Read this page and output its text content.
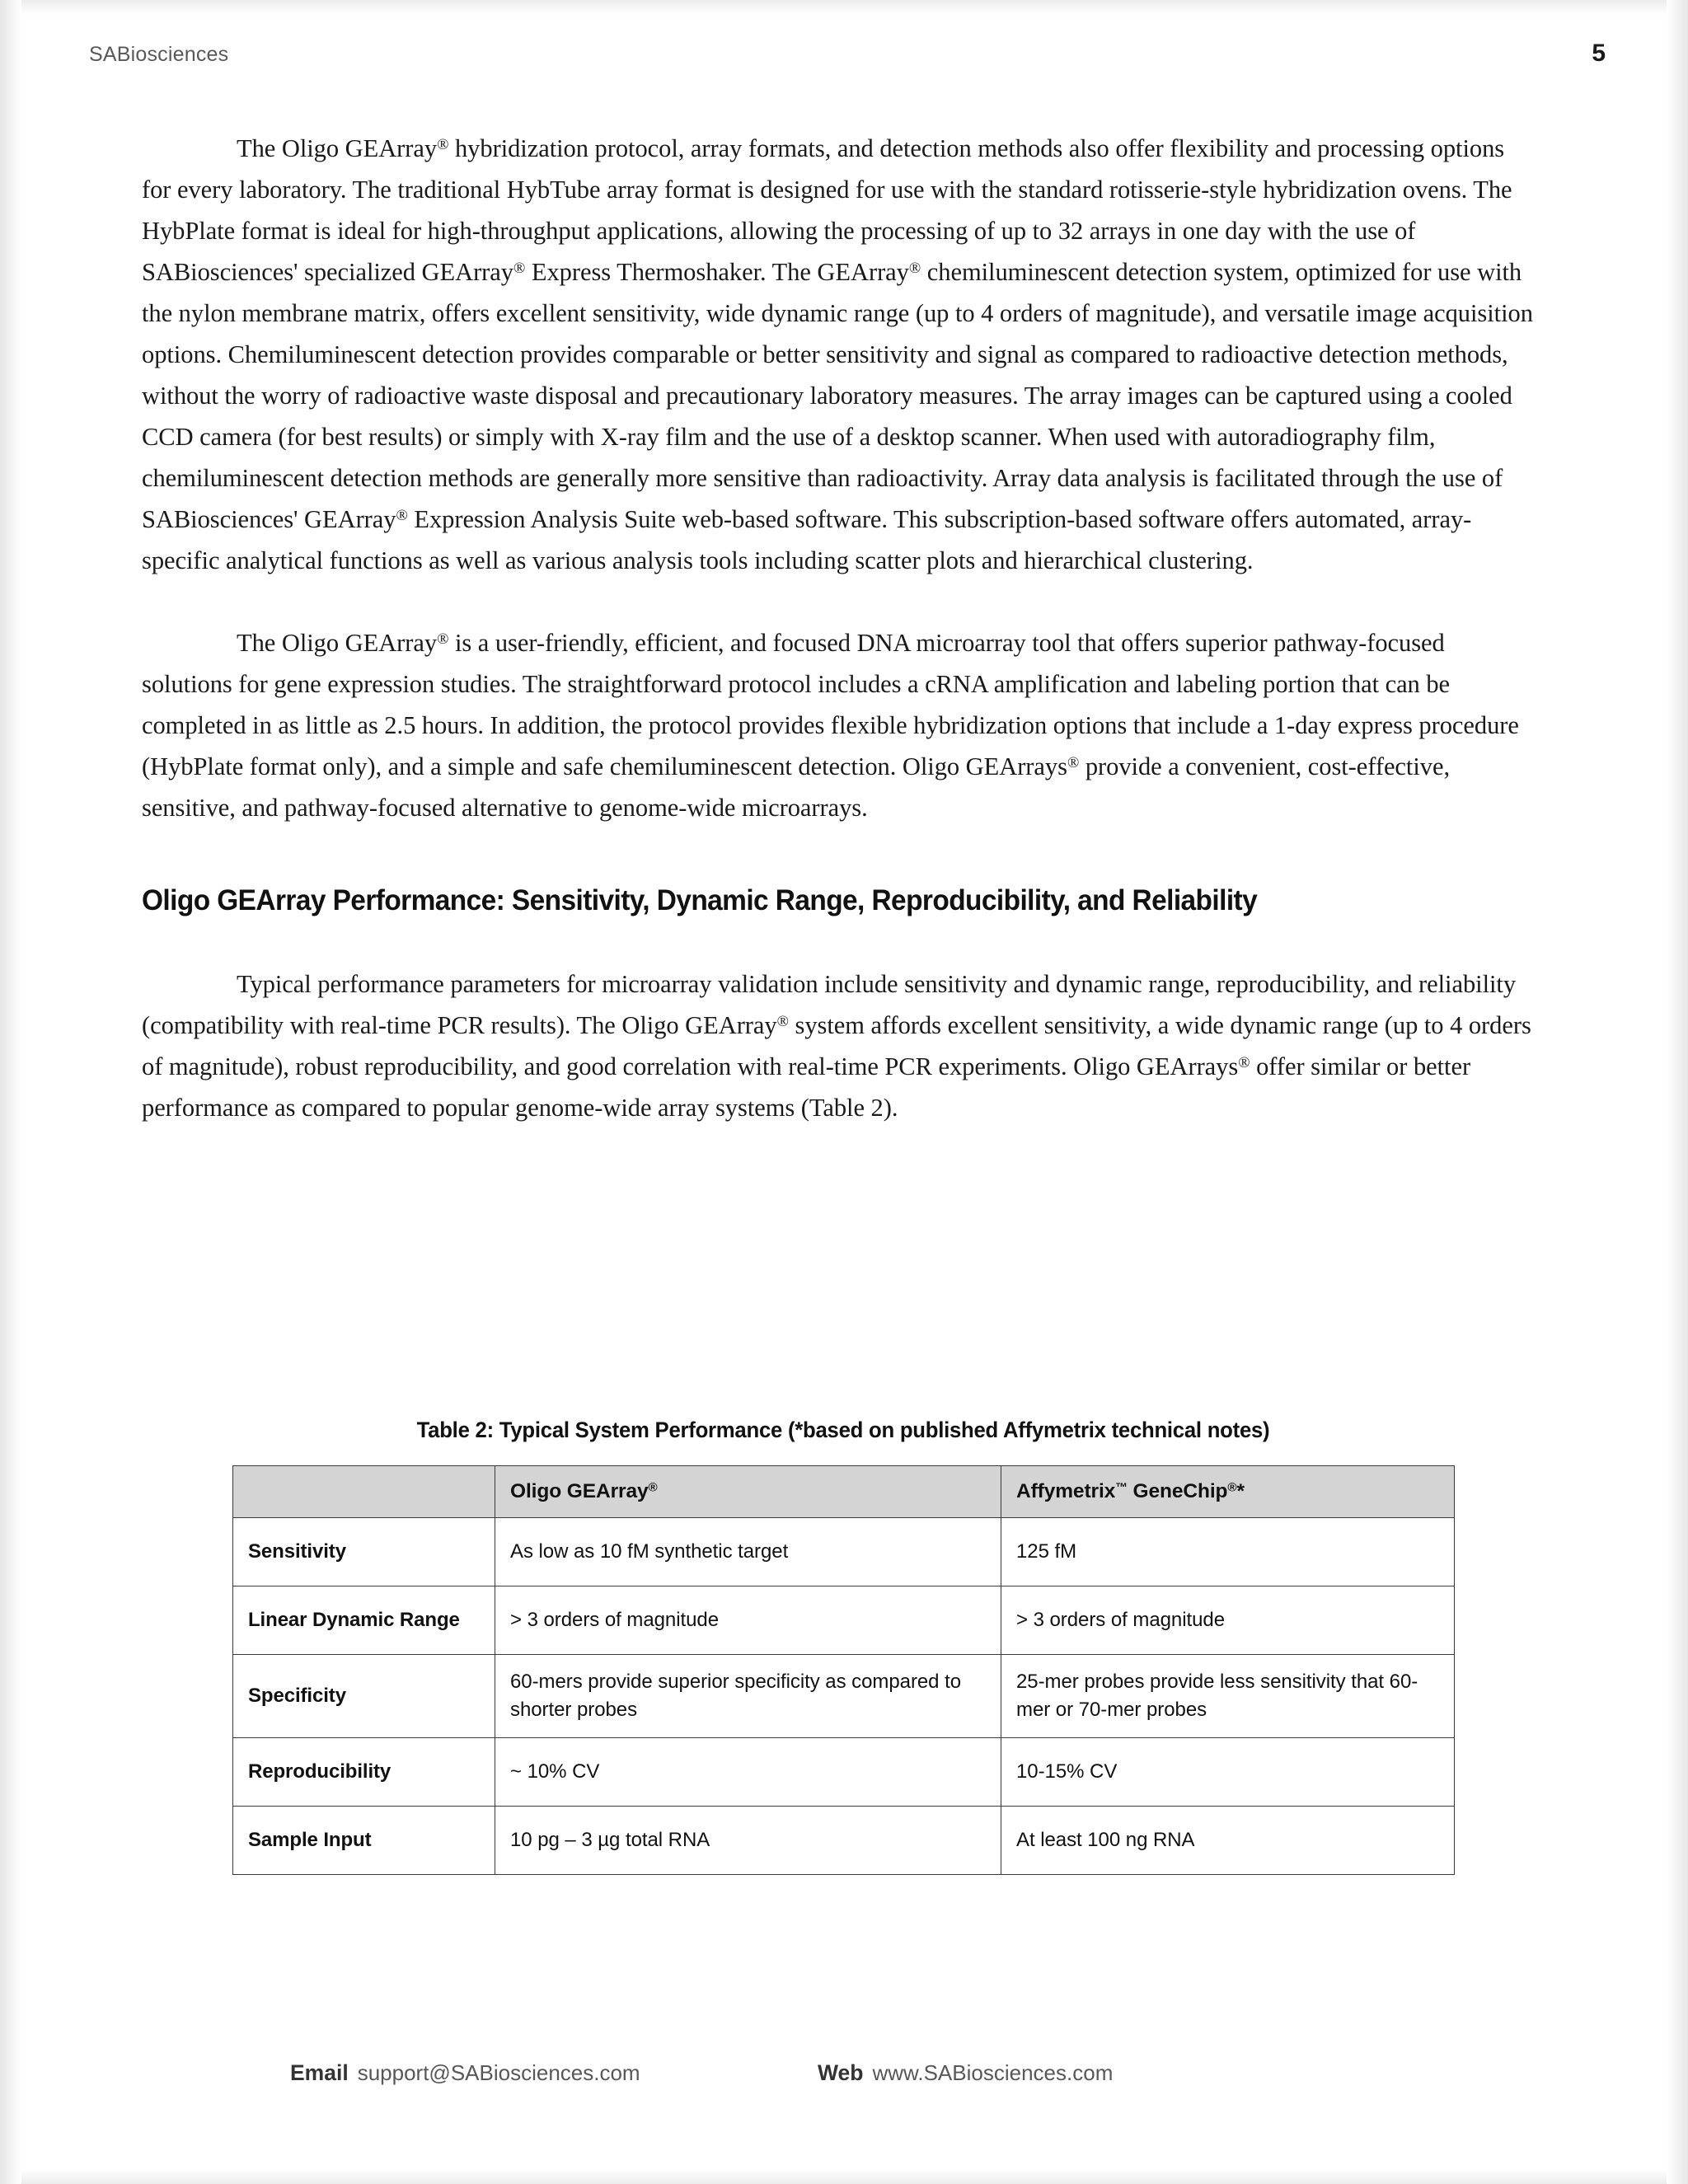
SABiosciences	5

The Oligo GEArray® hybridization protocol, array formats, and detection methods also offer flexibility and processing options for every laboratory. The traditional HybTube array format is designed for use with the standard rotisserie-style hybridization ovens. The HybPlate format is ideal for high-throughput applications, allowing the processing of up to 32 arrays in one day with the use of SABiosciences' specialized GEArray® Express Thermoshaker. The GEArray® chemiluminescent detection system, optimized for use with the nylon membrane matrix, offers excellent sensitivity, wide dynamic range (up to 4 orders of magnitude), and versatile image acquisition options. Chemiluminescent detection provides comparable or better sensitivity and signal as compared to radioactive detection methods, without the worry of radioactive waste disposal and precautionary laboratory measures. The array images can be captured using a cooled CCD camera (for best results) or simply with X-ray film and the use of a desktop scanner. When used with autoradiography film, chemiluminescent detection methods are generally more sensitive than radioactivity. Array data analysis is facilitated through the use of SABiosciences' GEArray® Expression Analysis Suite web-based software. This subscription-based software offers automated, array-specific analytical functions as well as various analysis tools including scatter plots and hierarchical clustering.

The Oligo GEArray® is a user-friendly, efficient, and focused DNA microarray tool that offers superior pathway-focused solutions for gene expression studies. The straightforward protocol includes a cRNA amplification and labeling portion that can be completed in as little as 2.5 hours. In addition, the protocol provides flexible hybridization options that include a 1-day express procedure (HybPlate format only), and a simple and safe chemiluminescent detection. Oligo GEArrays® provide a convenient, cost-effective, sensitive, and pathway-focused alternative to genome-wide microarrays.

Oligo GEArray Performance: Sensitivity, Dynamic Range, Reproducibility, and Reliability

Typical performance parameters for microarray validation include sensitivity and dynamic range, reproducibility, and reliability (compatibility with real-time PCR results). The Oligo GEArray® system affords excellent sensitivity, a wide dynamic range (up to 4 orders of magnitude), robust reproducibility, and good correlation with real-time PCR experiments. Oligo GEArrays® offer similar or better performance as compared to popular genome-wide array systems (Table 2).

Table 2: Typical System Performance (*based on published Affymetrix technical notes)
	Oligo GEArray®	Affymetrix™ GeneChip®*
Sensitivity	As low as 10 fM synthetic target	125 fM
Linear Dynamic Range	> 3 orders of magnitude	> 3 orders of magnitude
Specificity	60-mers provide superior specificity as compared to shorter probes	25-mer probes provide less sensitivity that 60-mer or 70-mer probes
Reproducibility	~ 10% CV	10-15% CV
Sample Input	10 pg – 3 µg total RNA	At least 100 ng RNA
Email support@SABiosciences.com	Web www.SABiosciences.com
